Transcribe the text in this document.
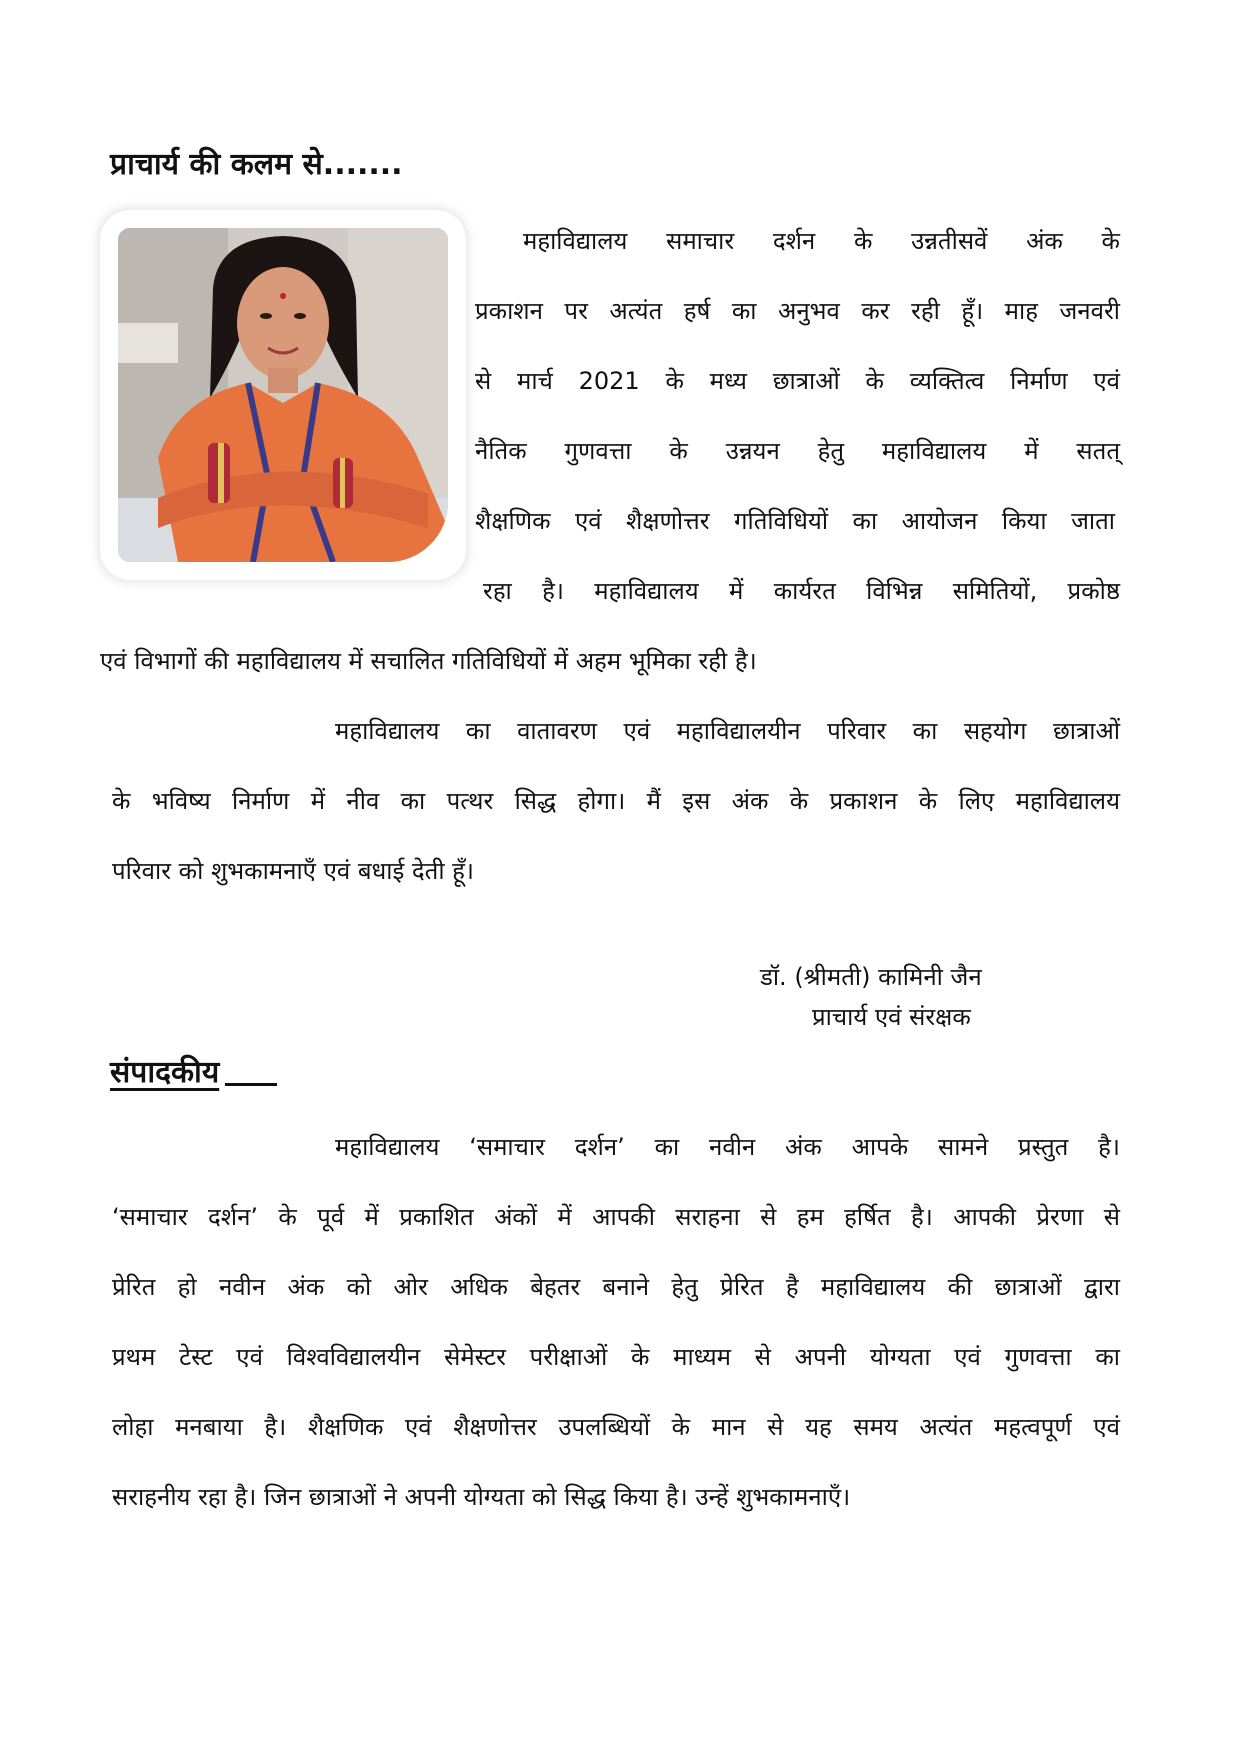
प्राचार्य की कलम से.......
महाविद्यालय समाचार दर्शन के उन्नतीसवें अंक के
प्रकाशन पर अत्यंत हर्ष का अनुभव कर रही हूँ। माह जनवरी
से मार्च 2021 के मध्य छात्राओं के व्यक्तित्व निर्माण एवं
नैतिक गुणवत्ता के उन्नयन हेतु महाविद्यालय में सतत्
शैक्षणिक एवं शैक्षणोत्तर गतिविधियों का आयोजन किया जाता
रहा है। महाविद्यालय में कार्यरत विभिन्न समितियों, प्रकोष्ठ
एवं विभागों की महाविद्यालय में सचालित गतिविधियों में अहम भूमिका रही है।
महाविद्यालय का वातावरण एवं महाविद्यालयीन परिवार का सहयोग छात्राओं
के भविष्य निर्माण में नीव का पत्थर सिद्ध होगा। मैं इस अंक के प्रकाशन के लिए महाविद्यालय
परिवार को शुभकामनाएँ एवं बधाई देती हूँ।
डॉ. (श्रीमती) कामिनी जैन
प्राचार्य एवं संरक्षक
संपादकीय
महाविद्यालय ‘समाचार दर्शन’ का नवीन अंक आपके सामने प्रस्तुत है।
‘समाचार दर्शन’ के पूर्व में प्रकाशित अंकों में आपकी सराहना से हम हर्षित है। आपकी प्रेरणा से
प्रेरित हो नवीन अंक को ओर अधिक बेहतर बनाने हेतु प्रेरित है महाविद्यालय की छात्राओं द्वारा
प्रथम टेस्ट एवं विश्वविद्यालयीन सेमेस्टर परीक्षाओं के माध्यम से अपनी योग्यता एवं गुणवत्ता का
लोहा मनबाया है। शैक्षणिक एवं शैक्षणोत्तर उपलब्धियों के मान से यह समय अत्यंत महत्वपूर्ण एवं
सराहनीय रहा है। जिन छात्राओं ने अपनी योग्यता को सिद्ध किया है। उन्हें शुभकामनाएँ।
